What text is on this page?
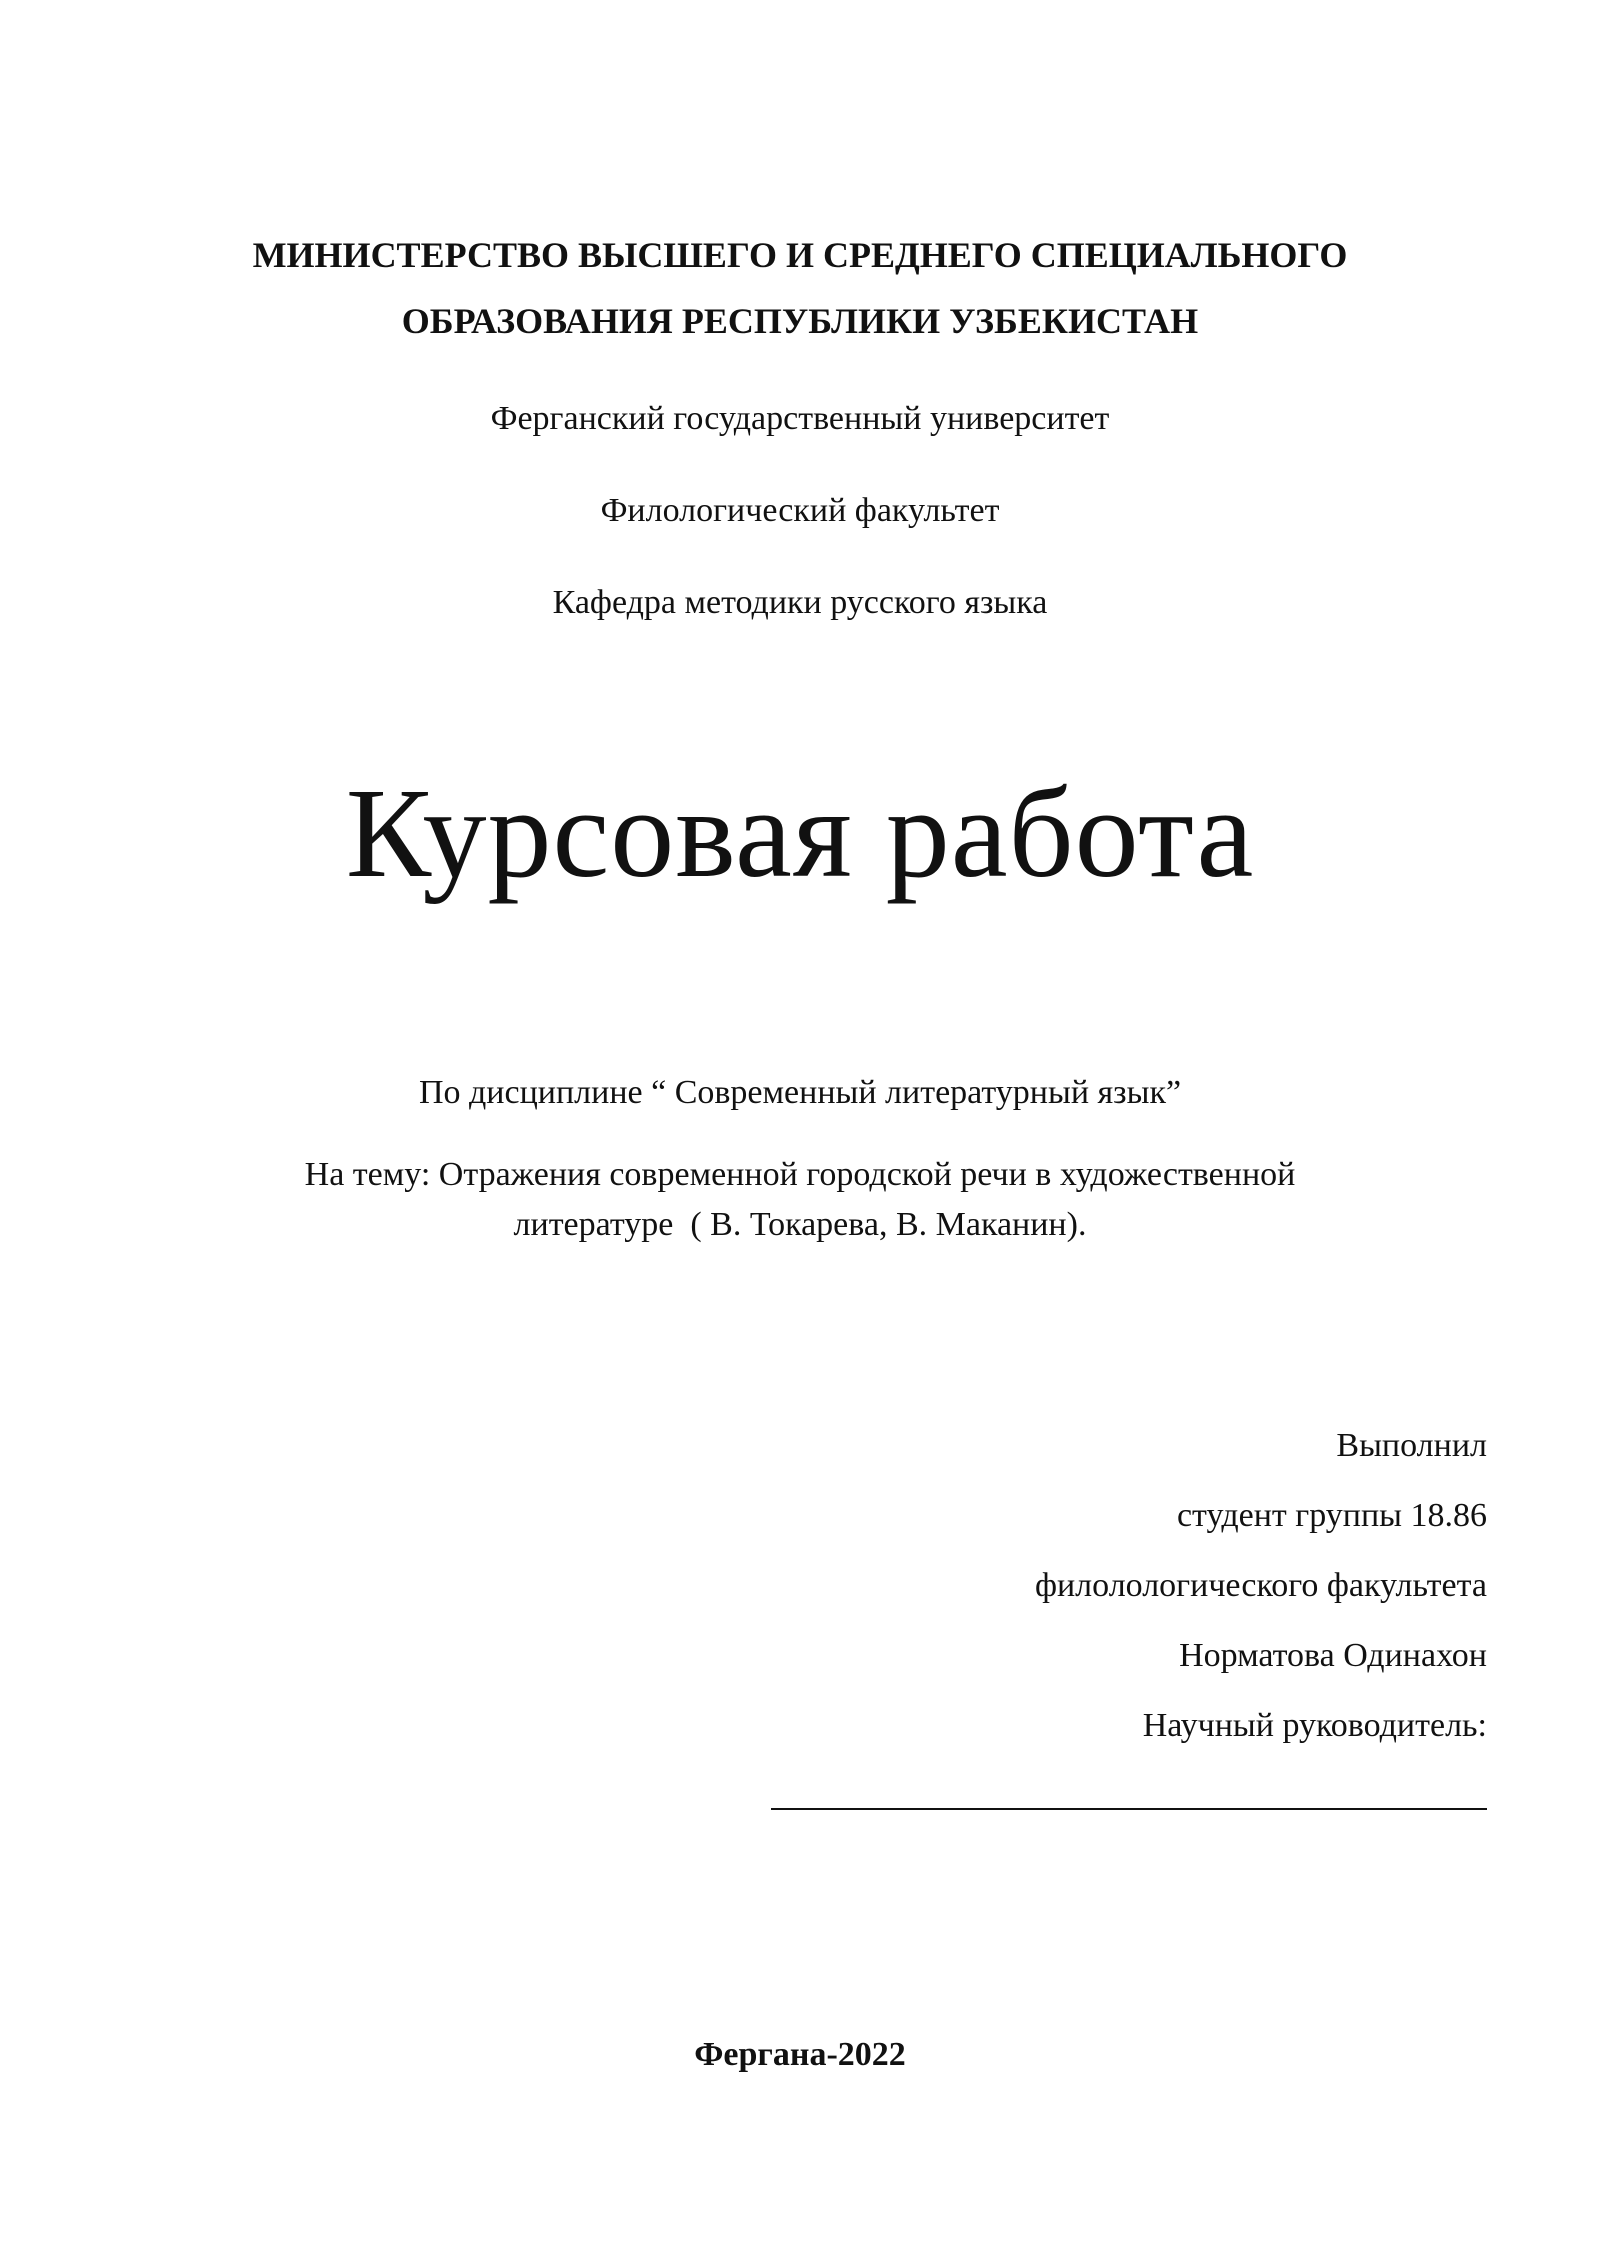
МИНИСТЕРСТВО ВЫСШЕГО И СРЕДНЕГО СПЕЦИАЛЬНОГО
ОБРАЗОВАНИЯ РЕСПУБЛИКИ УЗБЕКИСТАН
Ферганский государственный университет
Филологический факультет
Кафедра методики русского языка
Курсовая работа
По дисциплине “ Современный литературный язык”
На тему: Отражения современной городской речи в художественной
литературе  ( В. Токарева, В. Маканин).
Выполнил
студент группы 18.86
филолологического факультета
Норматова Одинахон
Научный руководитель:
Фергана-2022
